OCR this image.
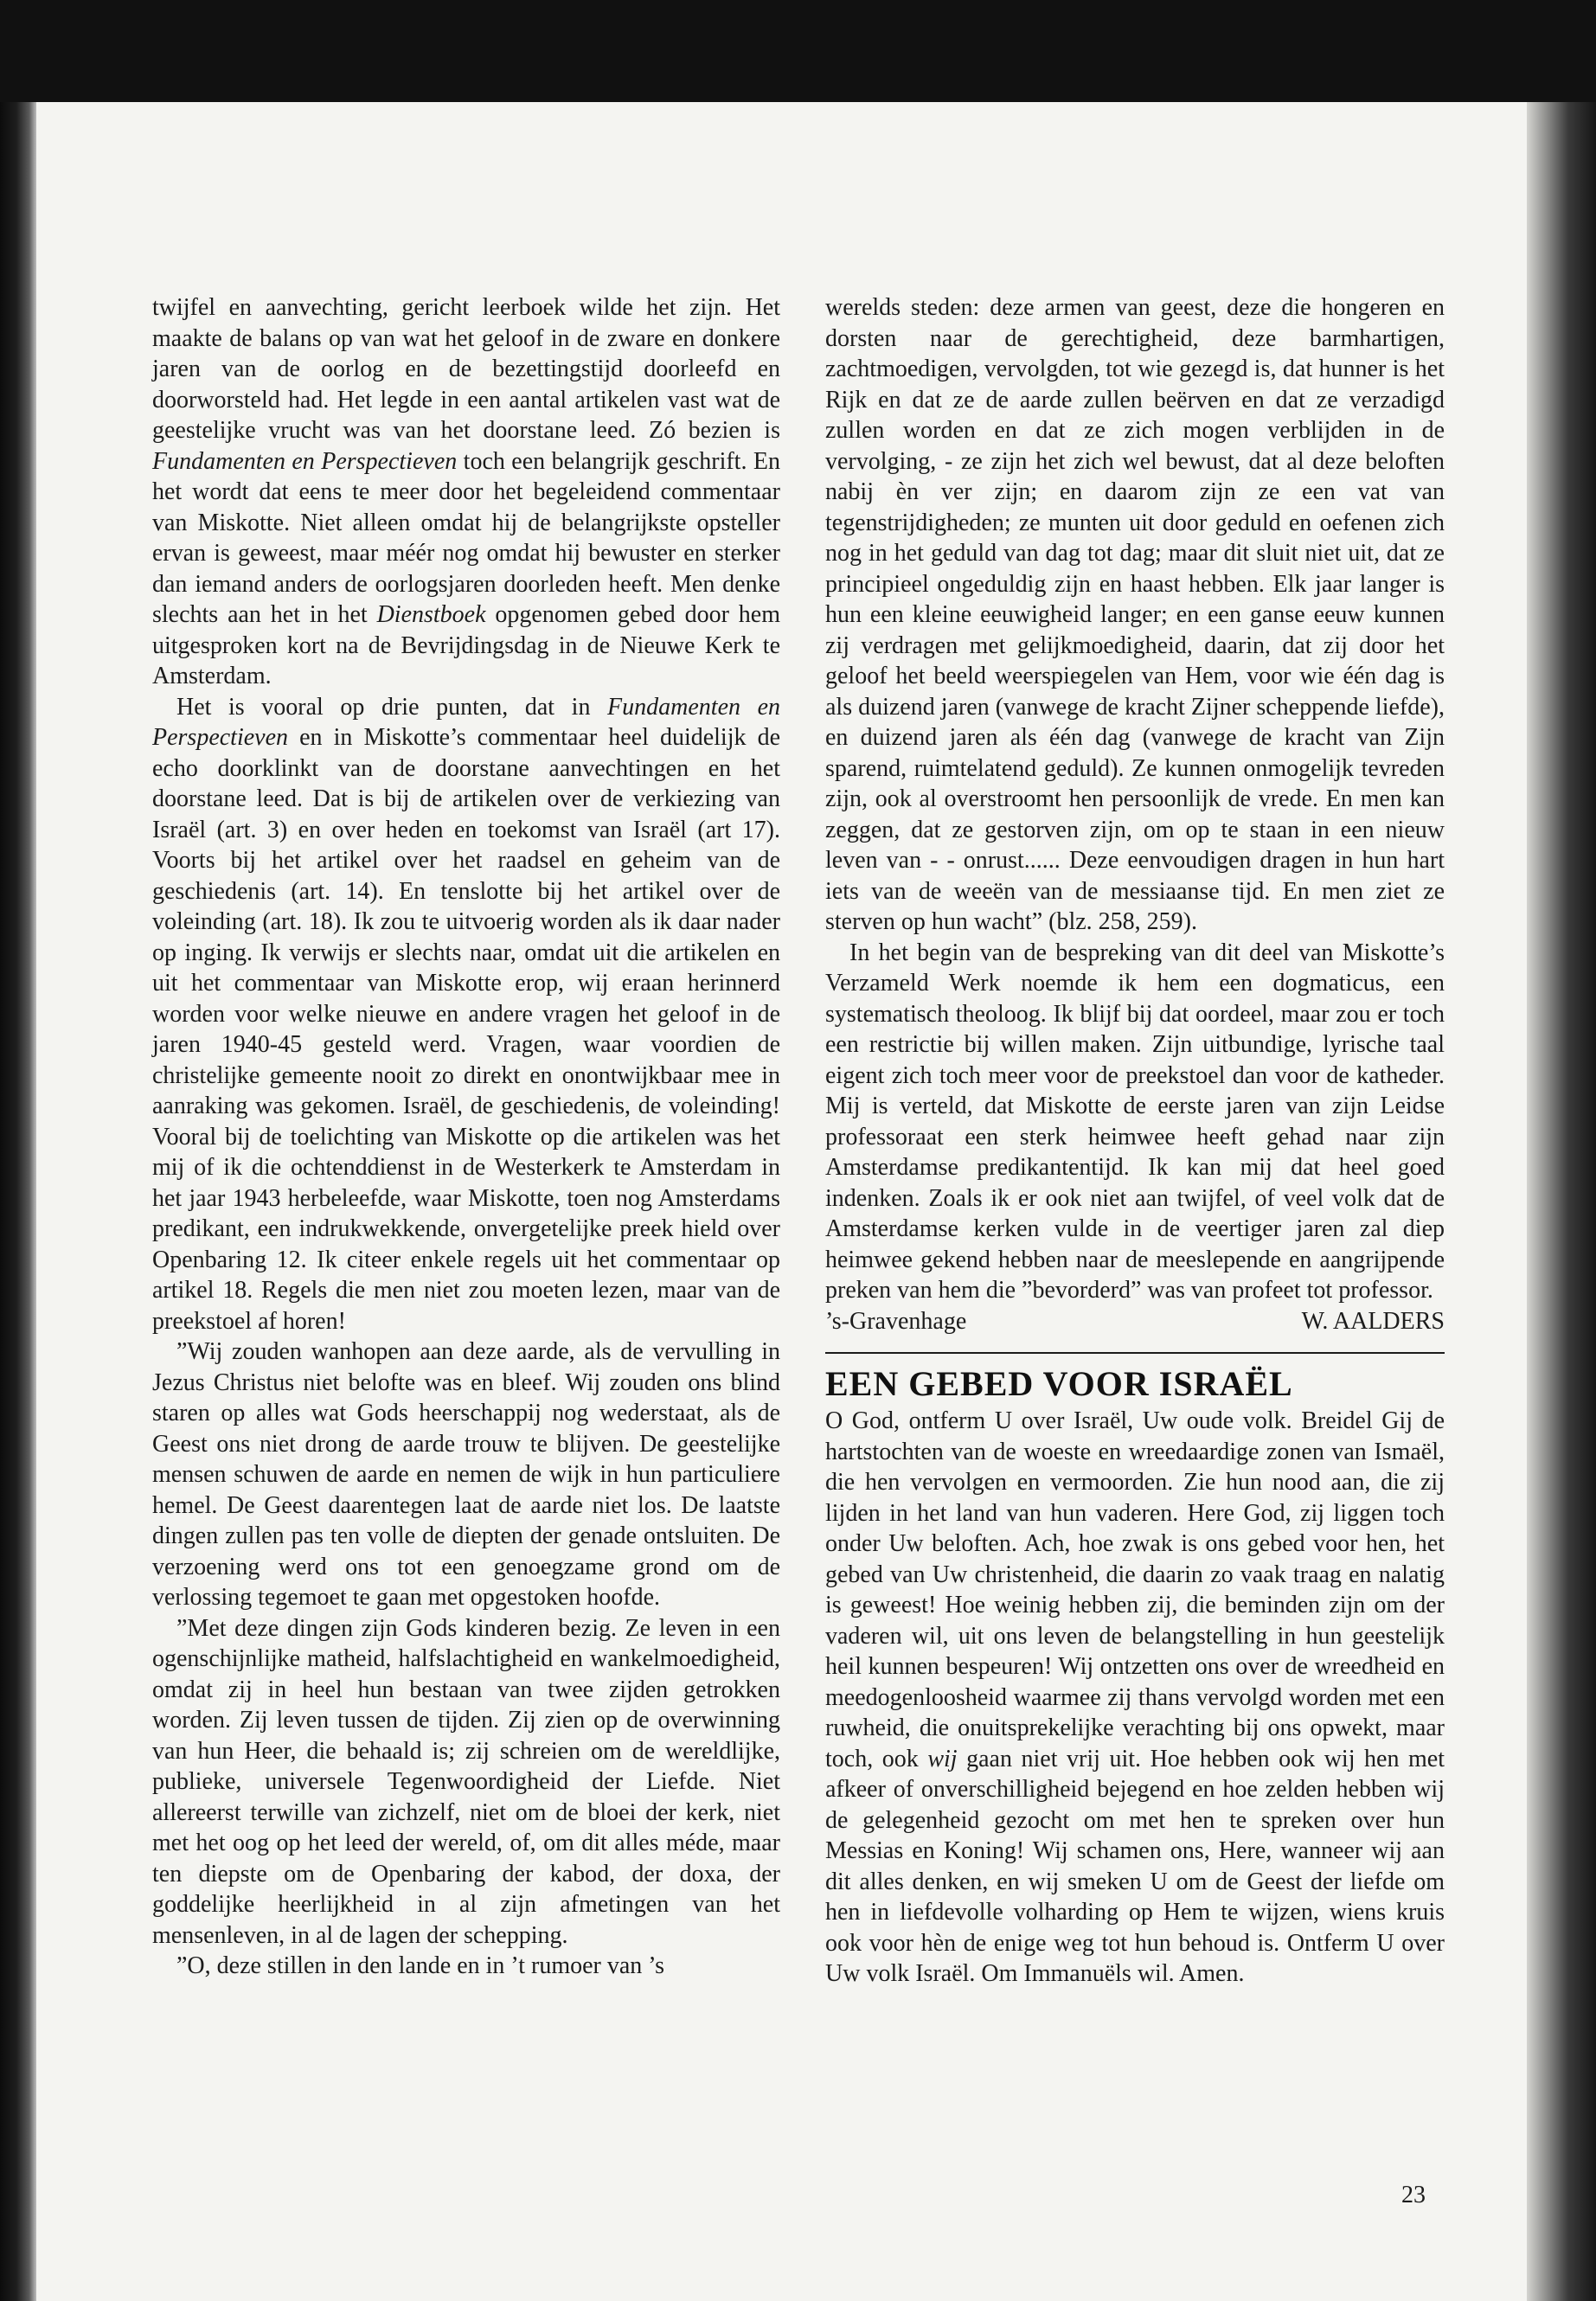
twijfel en aanvechting, gericht leerboek wilde het zijn. Het maakte de balans op van wat het geloof in de zware en donkere jaren van de oorlog en de bezettingstijd doorleefd en doorworsteld had. Het legde in een aantal artikelen vast wat de geestelijke vrucht was van het doorstane leed. Zó bezien is Fundamenten en Perspectieven toch een belangrijk geschrift. En het wordt dat eens te meer door het begeleidend commentaar van Miskotte. Niet alleen omdat hij de belangrijkste opsteller ervan is geweest, maar méér nog omdat hij bewuster en sterker dan iemand anders de oorlogsjaren doorleden heeft. Men denke slechts aan het in het Dienstboek opgenomen gebed door hem uitgesproken kort na de Bevrijdingsdag in de Nieuwe Kerk te Amsterdam.

Het is vooral op drie punten, dat in Fundamenten en Perspectieven en in Miskotte’s commentaar heel duidelijk de echo doorklinkt van de doorstane aanvechtingen en het doorstane leed. Dat is bij de artikelen over de verkiezing van Israël (art. 3) en over heden en toekomst van Israël (art 17). Voorts bij het artikel over het raadsel en geheim van de geschiedenis (art. 14). En tenslotte bij het artikel over de voleinding (art. 18). Ik zou te uitvoerig worden als ik daar nader op inging. Ik verwijs er slechts naar, omdat uit die artikelen en uit het commentaar van Miskotte erop, wij eraan herinnerd worden voor welke nieuwe en andere vragen het geloof in de jaren 1940-45 gesteld werd. Vragen, waar voordien de christelijke gemeente nooit zo direkt en onontwijkbaar mee in aanraking was gekomen. Israël, de geschiedenis, de voleinding! Vooral bij de toelichting van Miskotte op die artikelen was het mij of ik die ochtenddienst in de Westerkerk te Amsterdam in het jaar 1943 herbeleefde, waar Miskotte, toen nog Amsterdams predikant, een indrukwekkende, onvergetelijke preek hield over Openbaring 12. Ik citeer enkele regels uit het commentaar op artikel 18. Regels die men niet zou moeten lezen, maar van de preekstoel af horen!

”Wij zouden wanhopen aan deze aarde, als de vervulling in Jezus Christus niet belofte was en bleef. Wij zouden ons blind staren op alles wat Gods heerschappij nog wederstaat, als de Geest ons niet drong de aarde trouw te blijven. De geestelijke mensen schuwen de aarde en nemen de wijk in hun particuliere hemel. De Geest daarentegen laat de aarde niet los. De laatste dingen zullen pas ten volle de diepten der genade ontsluiten. De verzoening werd ons tot een genoegzame grond om de verlossing tegemoet te gaan met opgestoken hoofde.

”Met deze dingen zijn Gods kinderen bezig. Ze leven in een ogenschijnlijke matheid, halfslachtigheid en wankelmoedigheid, omdat zij in heel hun bestaan van twee zijden getrokken worden. Zij leven tussen de tijden. Zij zien op de overwinning van hun Heer, die behaald is; zij schreien om de wereldlijke, publieke, universele Tegenwoordigheid der Liefde. Niet allereerst terwille van zichzelf, niet om de bloei der kerk, niet met het oog op het leed der wereld, of, om dit alles méde, maar ten diepste om de Openbaring der kabod, der doxa, der goddelijke heerlijkheid in al zijn afmetingen van het mensenleven, in al de lagen der schepping.

”O, deze stillen in den lande en in ’t rumoer van ’s

werelds steden: deze armen van geest, deze die hongeren en dorsten naar de gerechtigheid, deze barmhartigen, zachtmoedigen, vervolgden, tot wie gezegd is, dat hunner is het Rijk en dat ze de aarde zullen beërven en dat ze verzadigd zullen worden en dat ze zich mogen verblijden in de vervolging, - ze zijn het zich wel bewust, dat al deze beloften nabij èn ver zijn; en daarom zijn ze een vat van tegenstrijdigheden; ze munten uit door geduld en oefenen zich nog in het geduld van dag tot dag; maar dit sluit niet uit, dat ze principieel ongeduldig zijn en haast hebben. Elk jaar langer is hun een kleine eeuwigheid langer; en een ganse eeuw kunnen zij verdragen met gelijkmoedigheid, daarin, dat zij door het geloof het beeld weerspiegelen van Hem, voor wie één dag is als duizend jaren (vanwege de kracht Zijner scheppende liefde), en duizend jaren als één dag (vanwege de kracht van Zijn sparend, ruimtelatend geduld). Ze kunnen onmogelijk tevreden zijn, ook al overstroomt hen persoonlijk de vrede. En men kan zeggen, dat ze gestorven zijn, om op te staan in een nieuw leven van - - onrust...... Deze eenvoudigen dragen in hun hart iets van de weeën van de messiaanse tijd. En men ziet ze sterven op hun wacht” (blz. 258, 259).

In het begin van de bespreking van dit deel van Miskotte’s Verzameld Werk noemde ik hem een dogmaticus, een systematisch theoloog. Ik blijf bij dat oordeel, maar zou er toch een restrictie bij willen maken. Zijn uitbundige, lyrische taal eigent zich toch meer voor de preekstoel dan voor de katheder. Mij is verteld, dat Miskotte de eerste jaren van zijn Leidse professoraat een sterk heimwee heeft gehad naar zijn Amsterdamse predikantentijd. Ik kan mij dat heel goed indenken. Zoals ik er ook niet aan twijfel, of veel volk dat de Amsterdamse kerken vulde in de veertiger jaren zal diep heimwee gekend hebben naar de meeslepende en aangrijpende preken van hem die ”bevorderd” was van profeet tot professor.

’s-Gravenhage	W. AALDERS

EEN GEBED VOOR ISRAËL

O God, ontferm U over Israël, Uw oude volk. Breidel Gij de hartstochten van de woeste en wreedaardige zonen van Ismaël, die hen vervolgen en vermoorden. Zie hun nood aan, die zij lijden in het land van hun vaderen. Here God, zij liggen toch onder Uw beloften. Ach, hoe zwak is ons gebed voor hen, het gebed van Uw christenheid, die daarin zo vaak traag en nalatig is geweest! Hoe weinig hebben zij, die beminden zijn om der vaderen wil, uit ons leven de belangstelling in hun geestelijk heil kunnen bespeuren! Wij ontzetten ons over de wreedheid en meedogenloosheid waarmee zij thans vervolgd worden met een ruwheid, die onuitsprekelijke verachting bij ons opwekt, maar toch, ook wij gaan niet vrij uit. Hoe hebben ook wij hen met afkeer of onverschilligheid bejegend en hoe zelden hebben wij de gelegenheid gezocht om met hen te spreken over hun Messias en Koning! Wij schamen ons, Here, wanneer wij aan dit alles denken, en wij smeken U om de Geest der liefde om hen in liefdevolle volharding op Hem te wijzen, wiens kruis ook voor hèn de enige weg tot hun behoud is. Ontferm U over Uw volk Israël. Om Immanuëls wil. Amen.

23
